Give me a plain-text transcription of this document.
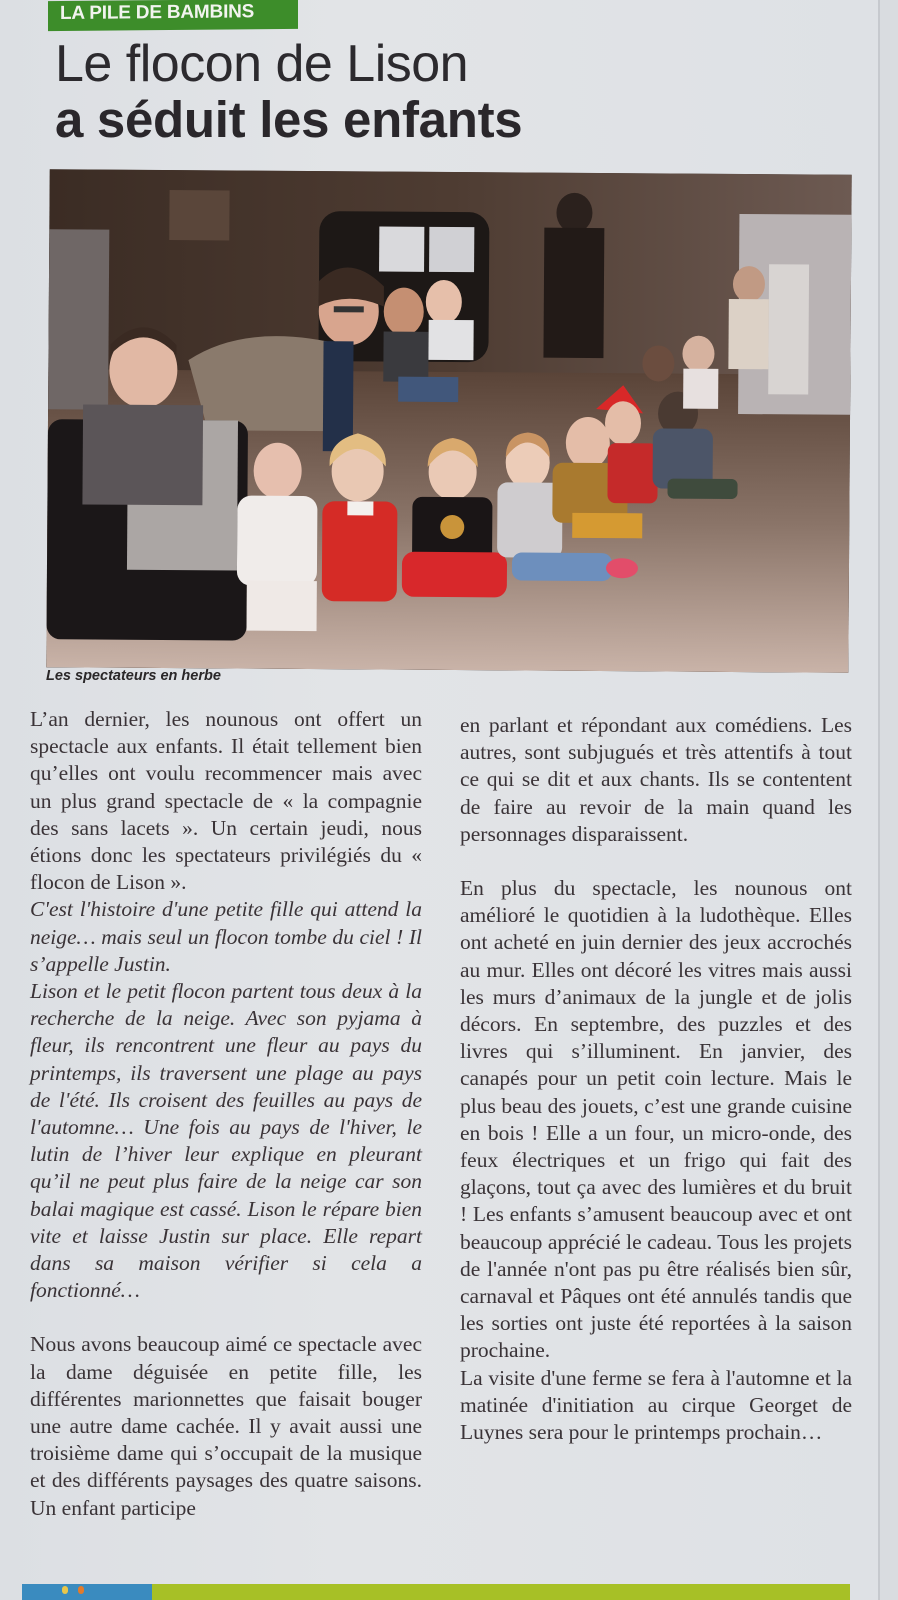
LA PILE DE BAMBINS
Le flocon de Lison
a séduit les enfants
Les spectateurs en herbe

L’an dernier, les nounous ont offert un spectacle aux enfants. Il était tellement bien qu’elles ont voulu recommencer mais avec un plus grand spectacle de « la compagnie des sans lacets ». Un certain jeudi, nous étions donc les spectateurs privilégiés du « flocon de Lison ».

C'est l'histoire d'une petite fille qui attend la neige… mais seul un flocon tombe du ciel ! Il s’appelle Justin.

Lison et le petit flocon partent tous deux à la recherche de la neige. Avec son pyjama à fleur, ils rencontrent une fleur au pays du printemps, ils traversent une plage au pays de l'été. Ils croisent des feuilles au pays de l'automne… Une fois au pays de l'hiver, le lutin de l’hiver leur explique en pleurant qu’il ne peut plus faire de la neige car son balai magique est cassé. Lison le répare bien vite et laisse Justin sur place. Elle repart dans sa maison vérifier si cela a fonctionné…

Nous avons beaucoup aimé ce spectacle avec la dame déguisée en petite fille, les différentes marionnettes que faisait bouger une autre dame cachée. Il y avait aussi une troisième dame qui s’occupait de la musique et des différents paysages des quatre saisons. Un enfant participe

en parlant et répondant aux comédiens. Les autres, sont subjugués et très attentifs à tout ce qui se dit et aux chants. Ils se contentent de faire au revoir de la main quand les personnages disparaissent.

En plus du spectacle, les nounous ont amélioré le quotidien à la ludothèque. Elles ont acheté en juin dernier des jeux accrochés au mur. Elles ont décoré les vitres mais aussi les murs d’animaux de la jungle et de jolis décors. En septembre, des puzzles et des livres qui s’illuminent. En janvier, des canapés pour un petit coin lecture. Mais le plus beau des jouets, c’est une grande cuisine en bois ! Elle a un four, un micro-onde, des feux électriques et un frigo qui fait des glaçons, tout ça avec des lumières et du bruit ! Les enfants s’amusent beaucoup avec et ont beaucoup apprécié le cadeau. Tous les projets de l'année n'ont pas pu être réalisés bien sûr, carnaval et Pâques ont été annulés tandis que les sorties ont juste été reportées à la saison prochaine.

La visite d'une ferme se fera à l'automne et la matinée d'initiation au cirque Georget de Luynes sera pour le printemps prochain…
